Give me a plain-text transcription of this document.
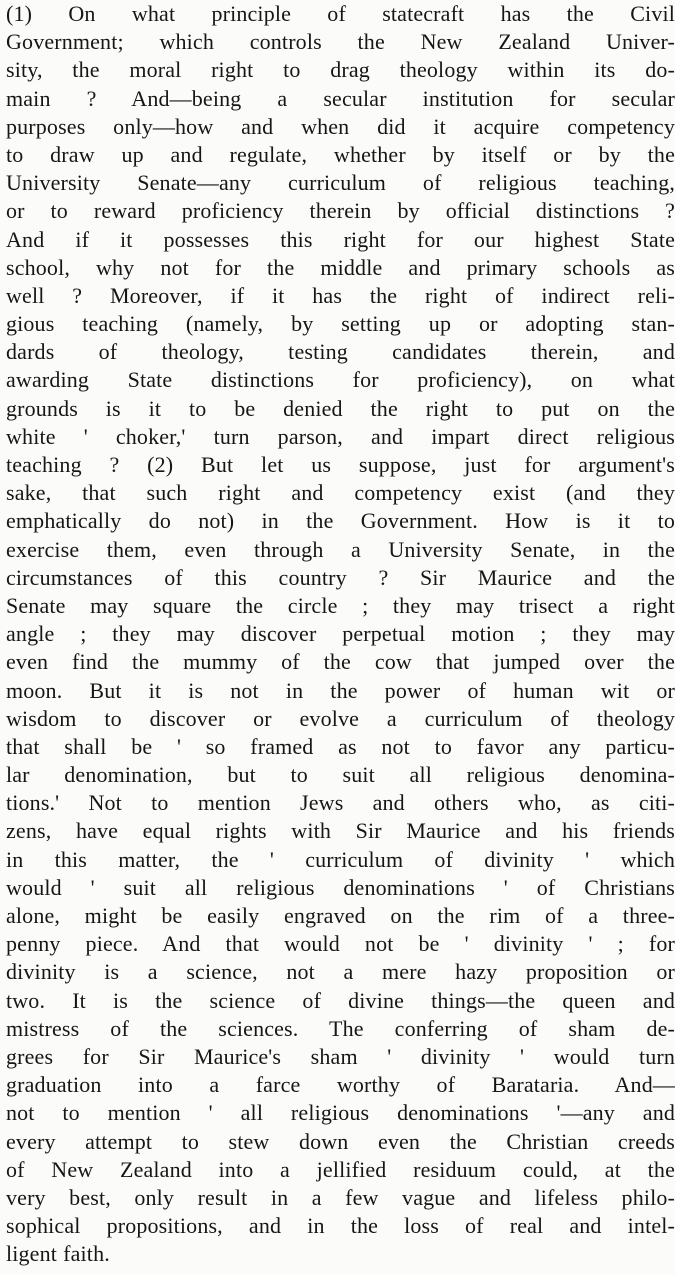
(1) On what principle of statecraft has the Civil
Government; which controls the New Zealand Univer-
sity, the moral right to drag theology within its do-
main ? And—being a secular institution for secular
purposes only—how and when did it acquire competency
to draw up and regulate, whether by itself or by the
University Senate—any curriculum of religious teaching,
or to reward proficiency therein by official distinctions ?
And if it possesses this right for our highest State
school, why not for the middle and primary schools as
well ? Moreover, if it has the right of indirect reli-
gious teaching (namely, by setting up or adopting stan-
dards of theology, testing candidates therein, and
awarding State distinctions for proficiency), on what
grounds is it to be denied the right to put on the
white ' choker,' turn parson, and impart direct religious
teaching ? (2) But let us suppose, just for argument's
sake, that such right and competency exist (and they
emphatically do not) in the Government. How is it to
exercise them, even through a University Senate, in the
circumstances of this country ? Sir Maurice and the
Senate may square the circle ; they may trisect a right
angle ; they may discover perpetual motion ; they may
even find the mummy of the cow that jumped over the
moon. But it is not in the power of human wit or
wisdom to discover or evolve a curriculum of theology
that shall be ' so framed as not to favor any particu-
lar denomination, but to suit all religious denomina-
tions.' Not to mention Jews and others who, as citi-
zens, have equal rights with Sir Maurice and his friends
in this matter, the ' curriculum of divinity ' which
would ' suit all religious denominations ' of Christians
alone, might be easily engraved on the rim of a three-
penny piece. And that would not be ' divinity ' ; for
divinity is a science, not a mere hazy proposition or
two. It is the science of divine things—the queen and
mistress of the sciences. The conferring of sham de-
grees for Sir Maurice's sham ' divinity ' would turn
graduation into a farce worthy of Barataria. And—
not to mention ' all religious denominations '—any and
every attempt to stew down even the Christian creeds
of New Zealand into a jellified residuum could, at the
very best, only result in a few vague and lifeless philo-
sophical propositions, and in the loss of real and intel-
ligent faith.
